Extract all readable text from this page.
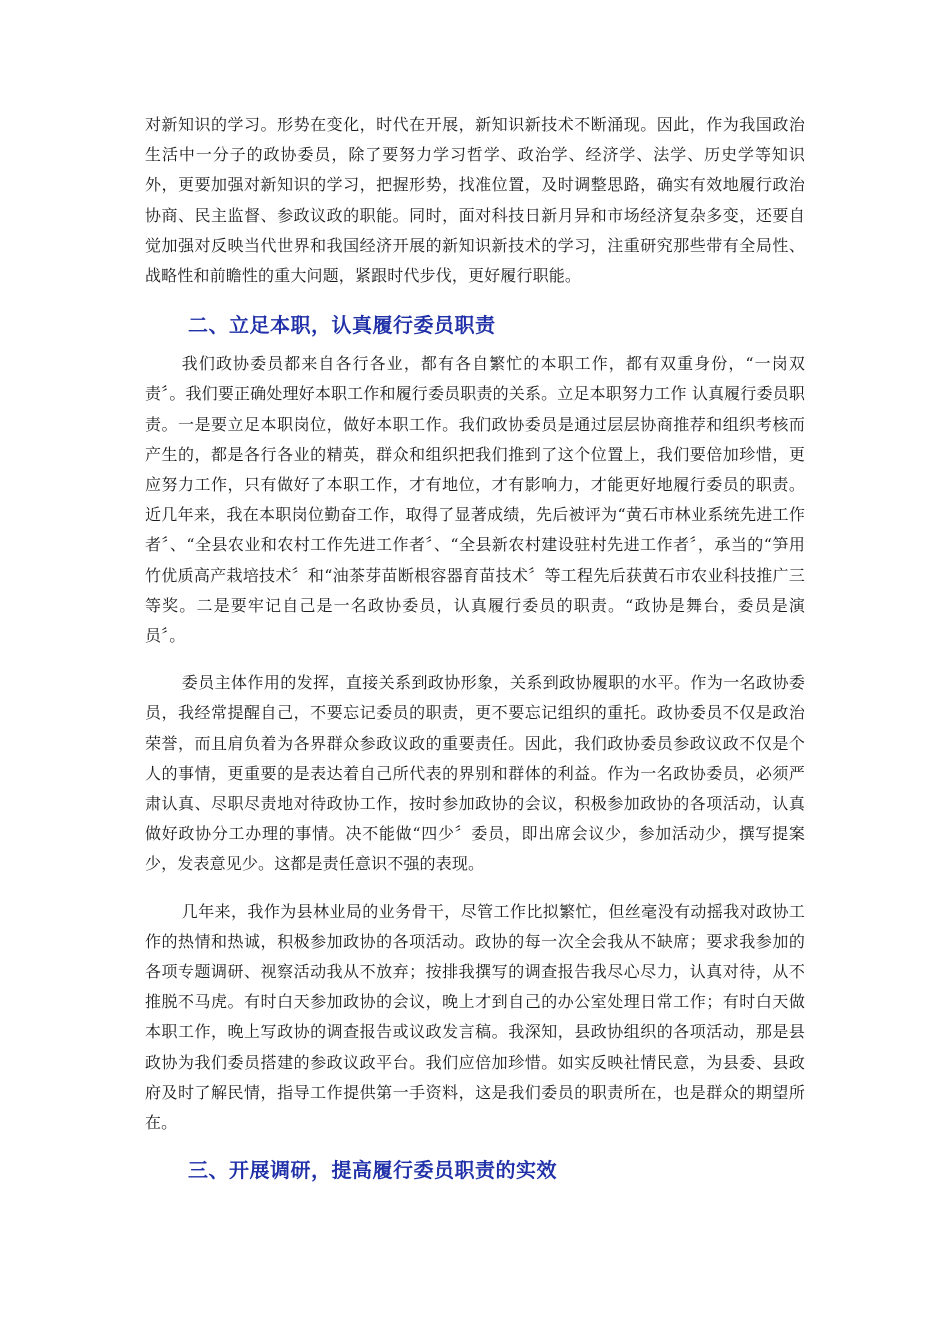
对新知识的学习。形势在变化，时代在开展，新知识新技术不断涌现。因此，作为我国政治生活中一分子的政协委员，除了要努力学习哲学、政治学、经济学、法学、历史学等知识外，更要加强对新知识的学习，把握形势，找准位置，及时调整思路，确实有效地履行政治协商、民主监督、参政议政的职能。同时，面对科技日新月异和市场经济复杂多变，还要自觉加强对反映当代世界和我国经济开展的新知识新技术的学习，注重研究那些带有全局性、战略性和前瞻性的重大问题，紧跟时代步伐，更好履行职能。

二、立足本职，认真履行委员职责

我们政协委员都来自各行各业，都有各自繁忙的本职工作，都有双重身份，“一岗双责〞。我们要正确处理好本职工作和履行委员职责的关系。立足本职努力工作 认真履行委员职责。一是要立足本职岗位，做好本职工作。我们政协委员是通过层层协商推荐和组织考核而产生的，都是各行各业的精英，群众和组织把我们推到了这个位置上，我们要倍加珍惜，更应努力工作，只有做好了本职工作，才有地位，才有影响力，才能更好地履行委员的职责。近几年来，我在本职岗位勤奋工作，取得了显著成绩，先后被评为“黄石市林业系统先进工作者〞、“全县农业和农村工作先进工作者〞、“全县新农村建设驻村先进工作者〞，承当的“笋用竹优质高产栽培技术〞和“油茶芽苗断根容器育苗技术〞等工程先后获黄石市农业科技推广三等奖。二是要牢记自己是一名政协委员，认真履行委员的职责。“政协是舞台，委员是演员〞。

委员主体作用的发挥，直接关系到政协形象，关系到政协履职的水平。作为一名政协委员，我经常提醒自己，不要忘记委员的职责，更不要忘记组织的重托。政协委员不仅是政治荣誉，而且肩负着为各界群众参政议政的重要责任。因此，我们政协委员参政议政不仅是个人的事情，更重要的是表达着自己所代表的界别和群体的利益。作为一名政协委员，必须严肃认真、尽职尽责地对待政协工作，按时参加政协的会议，积极参加政协的各项活动，认真做好政协分工办理的事情。决不能做“四少〞委员，即出席会议少，参加活动少，撰写提案少，发表意见少。这都是责任意识不强的表现。

几年来，我作为县林业局的业务骨干，尽管工作比拟繁忙，但丝毫没有动摇我对政协工作的热情和热诚，积极参加政协的各项活动。政协的每一次全会我从不缺席；要求我参加的各项专题调研、视察活动我从不放弃；按排我撰写的调查报告我尽心尽力，认真对待，从不推脱不马虎。有时白天参加政协的会议，晚上才到自己的办公室处理日常工作；有时白天做本职工作，晚上写政协的调查报告或议政发言稿。我深知，县政协组织的各项活动，那是县政协为我们委员搭建的参政议政平台。我们应倍加珍惜。如实反映社情民意，为县委、县政府及时了解民情，指导工作提供第一手资料，这是我们委员的职责所在，也是群众的期望所在。

三、开展调研，提高履行委员职责的实效
